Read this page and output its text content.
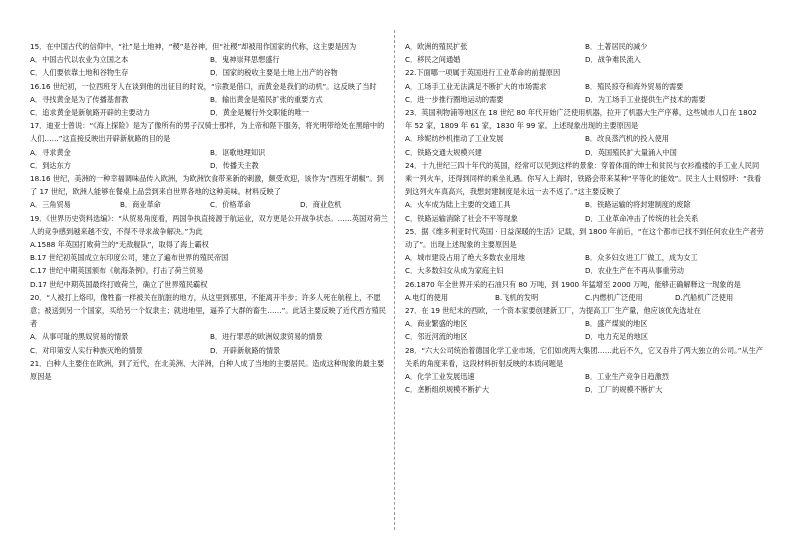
15．在中国古代的信仰中，“社”是土地神，“稷”是谷神，但“社稷”却被用作国家的代称，这主要是因为

A．中国古代以农业为立国之本	B．鬼神崇拜思想盛行
C．人们要依靠土地和谷物生存	D．国家的税收主要是土地上出产的谷物

16.16 世纪初，一位西班牙人在谈到他的出征目的时说，“宗教是借口，而黄金是我们的动机”。这反映了当时

A．寻找黄金是为了传播基督教	B．输出黄金是殖民扩张的重要方式
C．追求黄金是新航路开辟的主要动力	D．黄金是履行外交职能的唯一

17．迪亚士曾说：“《海上探险》是为了像所有的男子汉骑士那样，为上帝和陛下服务，将光明带给处在黑暗中的人们……”这直接反映出开辟新航路的目的是

A．寻求黄金	B．讴歌地理知识
C．到达东方	D．传播天主教

18.16 世纪，美洲的一种幸福调味品传入欧洲，为欧洲饮食带来新的刺激，颇受欢迎，该作为“西班牙胡椒”。到了 17 世纪，欧洲人能够在餐桌上品尝到来自世界各地的这种美味。材料反映了

A．三角贸易	B．商业革命	C．价格革命	D．商业危机

19．《世界历史资料选编》：“从贸易角度看，两国争执直接源于航运业，双方更是公开战争状态。……英国对荷兰人的竞争感到越来越不安，不得不寻求战争解决。”为此

A.1588 年英国打败荷兰的“无敌舰队”，取得了海上霸权
B.17 世纪初英国成立东印度公司，建立了遍布世界的殖民帝国
C.17 世纪中期英国颁布《航海条例》，打击了荷兰贸易
D.17 世纪中期英国最终打败荷兰，确立了世界殖民霸权

20．“人被打上烙印，像牲畜一样被关在肮脏的地方，从这里到那里，不能离开半步；许多人死在航程上，不愿意；被送到另一个国家，买给另一个奴隶主；就进地里，逼养了大群的畜生……”。此话主要反映了近代西方殖民者

A．从事可耻的黑奴贸易的情景	B．进行罪恶的欧洲奴隶贸易的情景
C．对印第安人实行种族灭绝的情景	D．开辟新航路的情景

21．白种人主要住在欧洲，到了近代，在北美洲、大洋洲，白种人成了当地的主要居民。造成这种现象的最主要原因是

A．欧洲的殖民扩张	B．土著居民的减少
C．移民之间通婚	D．战争难民流入

22.下面哪一项属于英国进行工业革命的前提原因

A．工场手工业无法满足不断扩大的市场需求	B．殖民掠夺和海外贸易的需要
C．进一步推行圈地运动的需要	D．为工场手工业提供生产技术的需要

23．英国利物浦等地区在 18 世纪 80 年代开始广泛使用机器，拉开了机器大生产序幕。这些城市人口在 1802 年 52 家，1809 年 61 家，1830 年 99 家。上述现象出现的主要原因是

A．珍妮纺纱机推动了工业发展	B．改良蒸汽机的投入使用
C．铁路交通大规模兴建	D．英国殖民扩大量涌入中国

24．十九世纪三四十年代的英国，经常可以见到这样的景象：穿着体面的绅士和贫民与衣衫褴褛的手工业人民同乘一列火车，还得到同样的乘坐礼遇。你写入上海时，铁路会带来某种“平等化的能效”。民主人士则惊呼：“我看到这列火车真高兴，我想封建制度是永远一去不返了。”这主要反映了

A．火车成为陆上主要的交通工具	B．铁路运输的将封建制度的废除
C．铁路运输消除了社会不平等现象	D．工业革命冲击了传统的社会关系

25．据《维多利亚时代英国 · 日益深暖的生活》记载，到 1800 年前后，“在这个都市已找不到任何农业生产者劳动了”。出现上述现象的主要原因是

A．城市建设占用了绝大多数农业用地	B．众多妇女进工厂做工，成为女工
C．大多数妇女从成为家庭主妇	D．农业生产在不再从事重劳动

26.1870 年全世界开采的石油只有 80 万吨，到 1900 年猛增至 2000 万吨，能够正确解释这一现象的是

A.电灯的使用	B.飞机的发明	C.内燃机广泛使用	D.汽船机广泛使用

27．在 19 世纪末的西欧，一个资本家要创建新工厂，为提高工厂生产量，他应该优先选址在

A．商业繁盛的地区	B．盛产煤炭的地区
C．邻近河流的地区	D．电力充足的地区

28．“六大公司统治着德国化学工业市场，它们如虎两大集团……此后不久，它又吞并了两大独立的公司。”从生产关系的角度来看，这段材料折射反映的本质问题是

A．化学工业发展迅速	B．工业生产竞争日趋激烈
C．垄断组织规模不断扩大	D．工厂的规模不断扩大
